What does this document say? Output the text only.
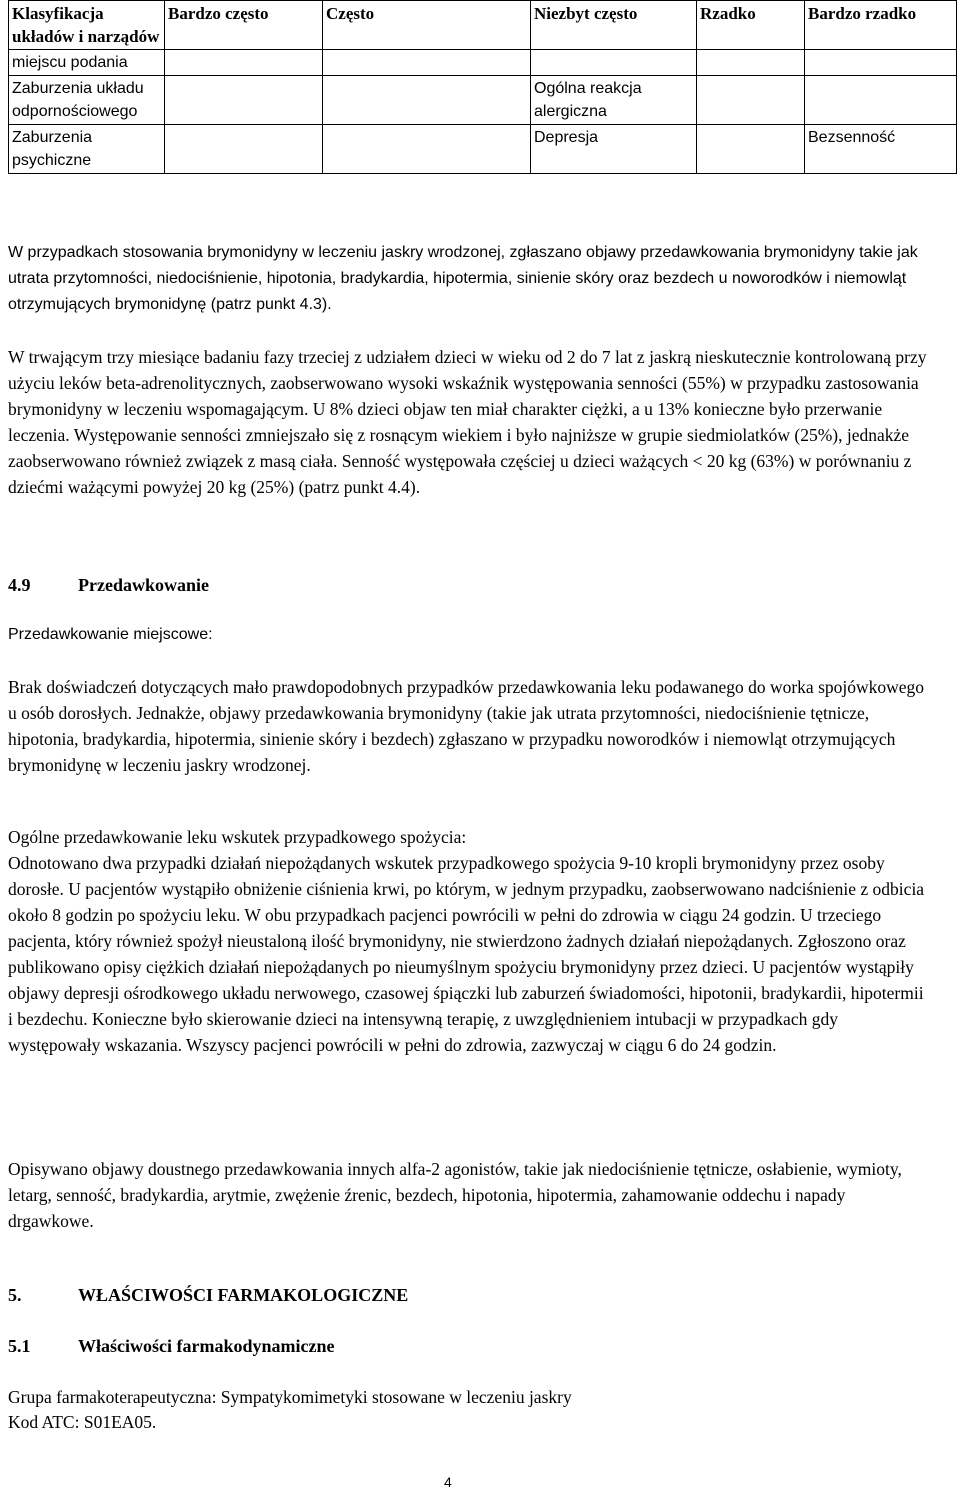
Klasyfikacja układów i narządów	Bardzo często	Często	Niezbyt często	Rzadko	Bardzo rzadko
miejscu podania					
Zaburzenia układu odpornościowego			Ogólna reakcja alergiczna		
Zaburzenia psychiczne			Depresja		Bezsenność

W przypadkach stosowania brymonidyny w leczeniu jaskry wrodzonej, zgłaszano objawy przedawkowania brymonidyny takie jak utrata przytomności, niedociśnienie, hipotonia, bradykardia, hipotermia, sinienie skóry oraz bezdech u noworodków i niemowląt otrzymujących brymonidynę (patrz punkt 4.3).

W trwającym trzy miesiące badaniu fazy trzeciej z udziałem dzieci w wieku od 2 do 7 lat z jaskrą nieskutecznie kontrolowaną przy użyciu leków beta-adrenolitycznych, zaobserwowano wysoki wskaźnik występowania senności (55%) w przypadku zastosowania brymonidyny w leczeniu wspomagającym. U 8% dzieci objaw ten miał charakter ciężki, a u 13% konieczne było przerwanie leczenia. Występowanie senności zmniejszało się z rosnącym wiekiem i było najniższe w grupie siedmiolatków (25%), jednakże zaobserwowano również związek z masą ciała. Senność występowała częściej u dzieci ważących < 20 kg (63%) w porównaniu z dziećmi ważącymi powyżej 20 kg (25%) (patrz punkt 4.4).

4.9	Przedawkowanie

Przedawkowanie miejscowe:

Brak doświadczeń dotyczących mało prawdopodobnych przypadków przedawkowania leku podawanego do worka spojówkowego u osób dorosłych. Jednakże, objawy przedawkowania brymonidyny (takie jak utrata przytomności, niedociśnienie tętnicze, hipotonia, bradykardia, hipotermia, sinienie skóry i bezdech) zgłaszano w przypadku noworodków i niemowląt otrzymujących brymonidynę w leczeniu jaskry wrodzonej.

Ogólne przedawkowanie leku wskutek przypadkowego spożycia:

Odnotowano dwa przypadki działań niepożądanych wskutek przypadkowego spożycia 9-10 kropli brymonidyny przez osoby dorosłe. U pacjentów wystąpiło obniżenie ciśnienia krwi, po którym, w jednym przypadku, zaobserwowano nadciśnienie z odbicia około 8 godzin po spożyciu leku. W obu przypadkach pacjenci powrócili w pełni do zdrowia w ciągu 24 godzin. U trzeciego pacjenta, który również spożył nieustaloną ilość brymonidyny, nie stwierdzono żadnych działań niepożądanych. Zgłoszono oraz publikowano opisy ciężkich działań niepożądanych po nieumyślnym spożyciu brymonidyny przez dzieci. U pacjentów wystąpiły objawy depresji ośrodkowego układu nerwowego, czasowej śpiączki lub zaburzeń świadomości, hipotonii, bradykardii, hipotermii i bezdechu. Konieczne było skierowanie dzieci na intensywną terapię, z uwzględnieniem intubacji w przypadkach gdy występowały wskazania. Wszyscy pacjenci powrócili w pełni do zdrowia, zazwyczaj w ciągu 6 do 24 godzin.

Opisywano objawy doustnego przedawkowania innych alfa-2 agonistów, takie jak niedociśnienie tętnicze, osłabienie, wymioty, letarg, senność, bradykardia, arytmie, zwężenie źrenic, bezdech, hipotonia, hipotermia, zahamowanie oddechu i napady drgawkowe.

5.	WŁAŚCIWOŚCI FARMAKOLOGICZNE
5.1	Właściwości farmakodynamiczne

Grupa farmakoterapeutyczna: Sympatykomimetyki stosowane w leczeniu jaskry

Kod ATC: S01EA05.

4
